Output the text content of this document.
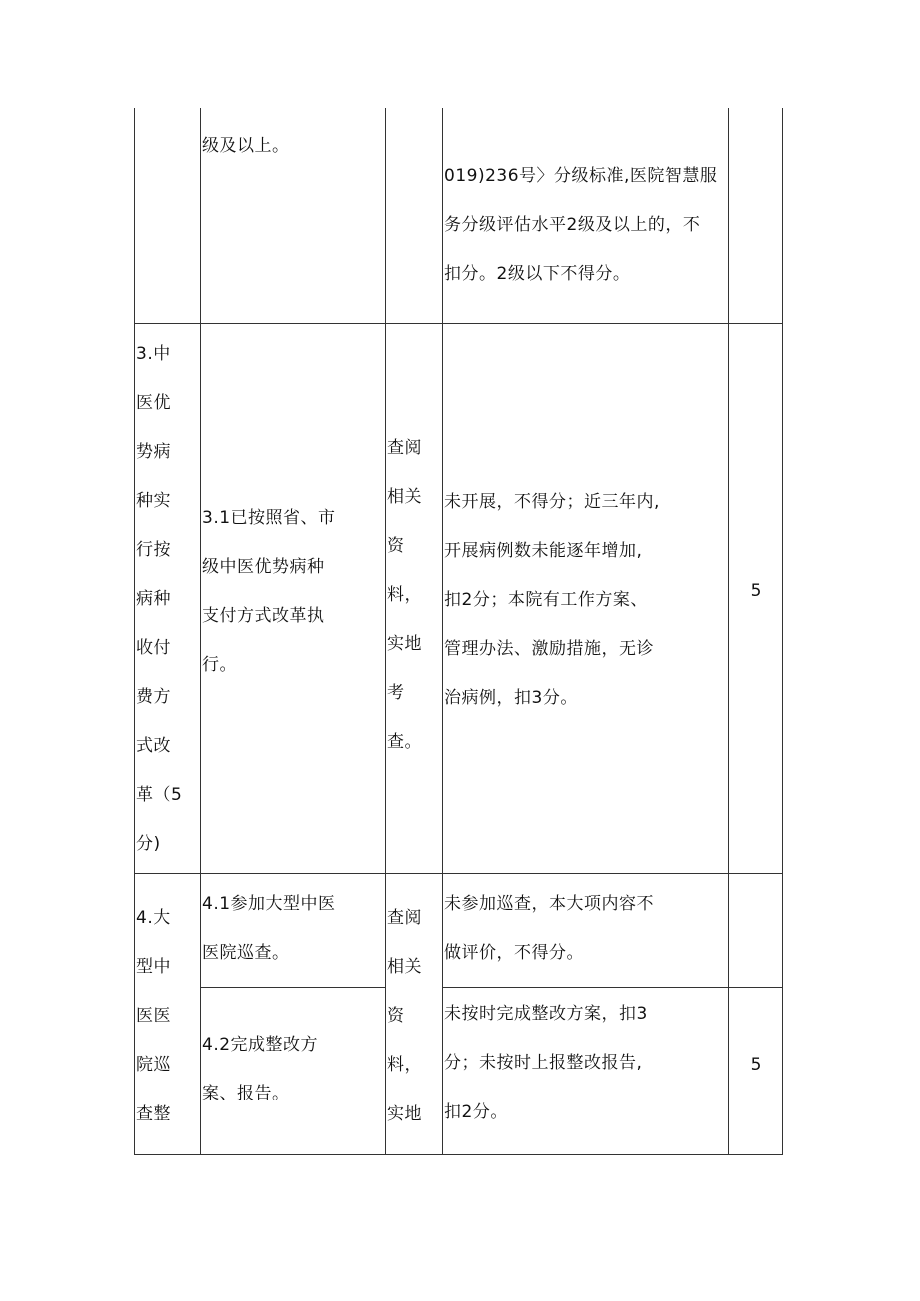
级及以上。
019)236号〉分级标准,医院智慧服
务分级评估水平2级及以上的，不
扣分。2级以下不得分。
3.中
医优
势病
种实
行按
病种
收付
费方
式改
革（5
分)
3.1已按照省、市
级中医优势病种
支付方式改革执
行。
查阅
相关
资
料，
实地
考
查。
未开展，不得分；近三年内,
开展病例数未能逐年增加,
扣2分；本院有工作方案、
管理办法、激励措施，无诊
治病例，扣3分。
5
4.大
型中
医医
院巡
查整
4.1参加大型中医
医院巡查。
4.2完成整改方
案、报告。
查阅
相关
资
料，
实地
未参加巡查，本大项内容不
做评价，不得分。
未按时完成整改方案，扣3
分；未按时上报整改报告,
扣2分。
5
